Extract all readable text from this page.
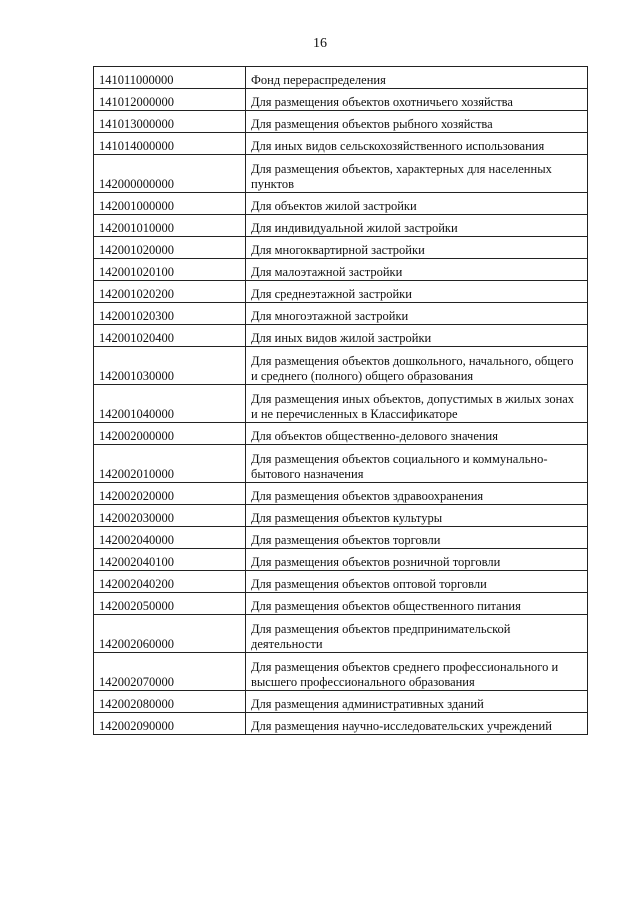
16
141011000000	Фонд перераспределения
141012000000	Для размещения объектов охотничьего хозяйства
141013000000	Для размещения объектов рыбного хозяйства
141014000000	Для иных видов сельскохозяйственного использования
142000000000	Для размещения объектов, характерных для населенных пунктов
142001000000	Для объектов жилой застройки
142001010000	Для индивидуальной жилой застройки
142001020000	Для многоквартирной застройки
142001020100	Для малоэтажной застройки
142001020200	Для среднеэтажной застройки
142001020300	Для многоэтажной застройки
142001020400	Для иных видов жилой застройки
142001030000	Для размещения объектов дошкольного, начального, общего и среднего (полного) общего образования
142001040000	Для размещения иных объектов, допустимых в жилых зонах и не перечисленных в Классификаторе
142002000000	Для объектов общественно-делового значения
142002010000	Для размещения объектов социального и коммунально-бытового назначения
142002020000	Для размещения объектов здравоохранения
142002030000	Для размещения объектов культуры
142002040000	Для размещения объектов торговли
142002040100	Для размещения объектов розничной торговли
142002040200	Для размещения объектов оптовой торговли
142002050000	Для размещения объектов общественного питания
142002060000	Для размещения объектов предпринимательской деятельности
142002070000	Для размещения объектов среднего профессионального и высшего профессионального образования
142002080000	Для размещения административных зданий
142002090000	Для размещения научно-исследовательских учреждений
